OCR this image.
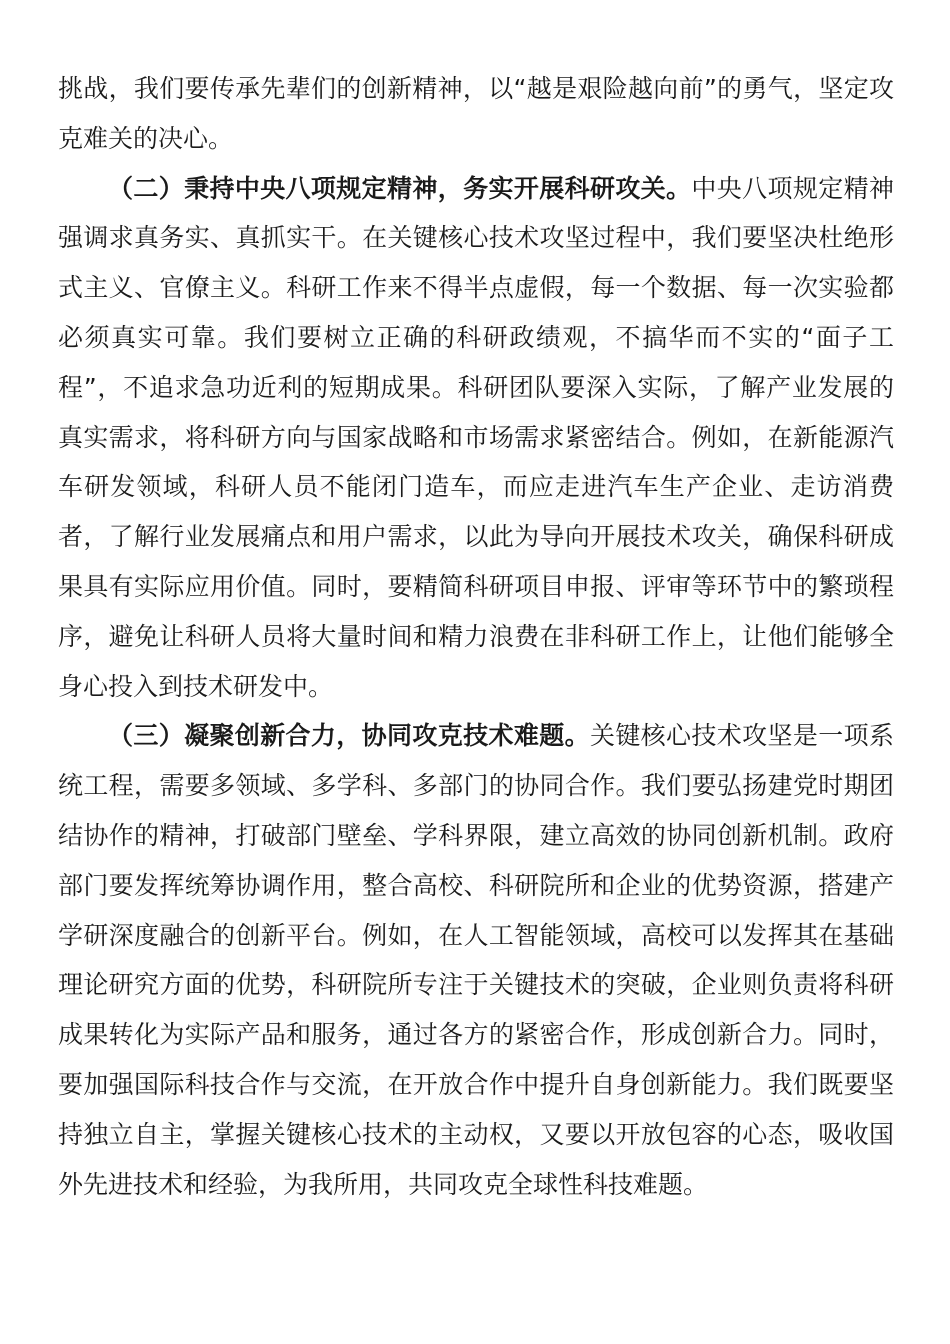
挑战，我们要传承先辈们的创新精神，以“越是艰险越向前”的勇气，坚定攻克难关的决心。

（二）秉持中央八项规定精神，务实开展科研攻关。中央八项规定精神强调求真务实、真抓实干。在关键核心技术攻坚过程中，我们要坚决杜绝形式主义、官僚主义。科研工作来不得半点虚假，每一个数据、每一次实验都必须真实可靠。我们要树立正确的科研政绩观，不搞华而不实的“面子工程”，不追求急功近利的短期成果。科研团队要深入实际，了解产业发展的真实需求，将科研方向与国家战略和市场需求紧密结合。例如，在新能源汽车研发领域，科研人员不能闭门造车，而应走进汽车生产企业、走访消费者，了解行业发展痛点和用户需求，以此为导向开展技术攻关，确保科研成果具有实际应用价值。同时，要精简科研项目申报、评审等环节中的繁琐程序，避免让科研人员将大量时间和精力浪费在非科研工作上，让他们能够全身心投入到技术研发中。

（三）凝聚创新合力，协同攻克技术难题。关键核心技术攻坚是一项系统工程，需要多领域、多学科、多部门的协同合作。我们要弘扬建党时期团结协作的精神，打破部门壁垒、学科界限，建立高效的协同创新机制。政府部门要发挥统筹协调作用，整合高校、科研院所和企业的优势资源，搭建产学研深度融合的创新平台。例如，在人工智能领域，高校可以发挥其在基础理论研究方面的优势，科研院所专注于关键技术的突破，企业则负责将科研成果转化为实际产品和服务，通过各方的紧密合作，形成创新合力。同时，要加强国际科技合作与交流，在开放合作中提升自身创新能力。我们既要坚持独立自主，掌握关键核心技术的主动权，又要以开放包容的心态，吸收国外先进技术和经验，为我所用，共同攻克全球性科技难题。
